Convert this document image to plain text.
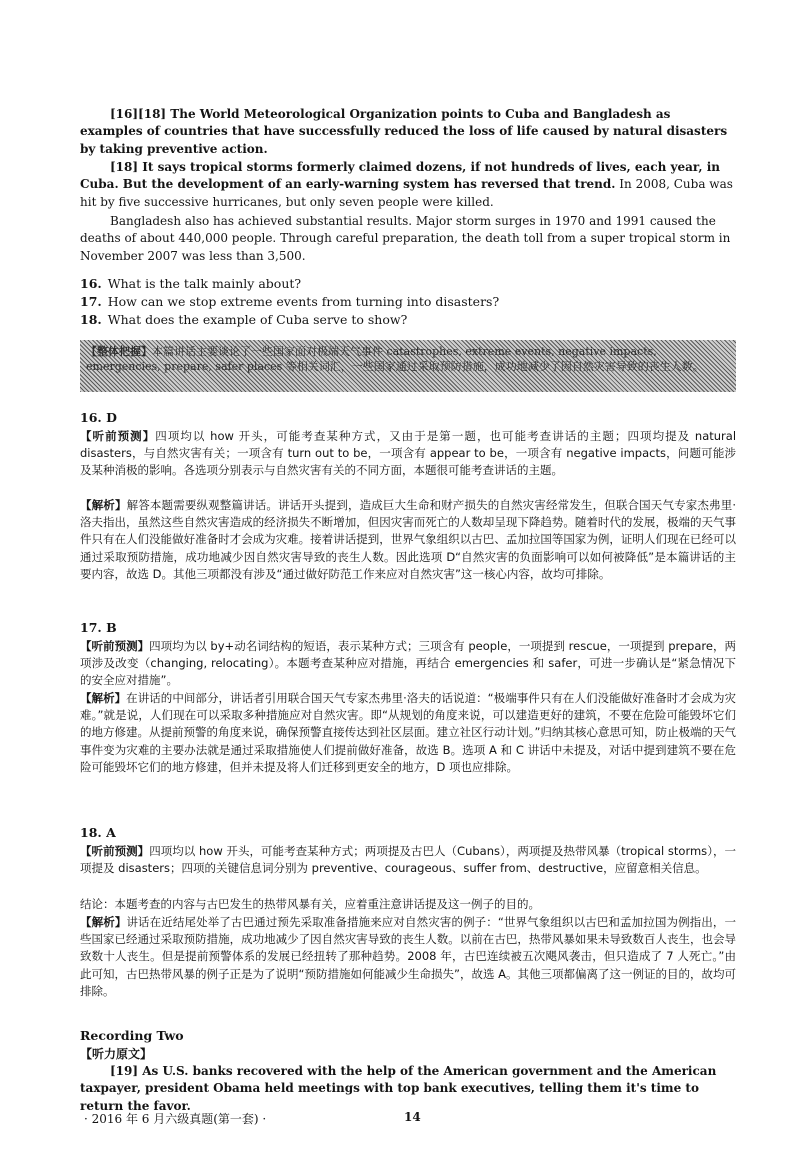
[16][18] The World Meteorological Organization points to Cuba and Bangladesh as examples of countries that have successfully reduced the loss of life caused by natural disasters by taking preventive action.

[18] It says tropical storms formerly claimed dozens, if not hundreds of lives, each year, in Cuba. But the development of an early-warning system has reversed that trend. In 2008, Cuba was hit by five successive hurricanes, but only seven people were killed.

Bangladesh also has achieved substantial results. Major storm surges in 1970 and 1991 caused the deaths of about 440,000 people. Through careful preparation, the death toll from a super tropical storm in November 2007 was less than 3,500.

16. What is the talk mainly about?

17. How can we stop extreme events from turning into disasters?

18. What does the example of Cuba serve to show?

【整体把握】本篇讲话主要谈论了一些国家面对极端天气事件 catastrophes, extreme events, negative impacts, emergencies, prepare, safer places 等相关词汇，一些国家通过采取预防措施，成功地减少了因自然灾害导致的丧生人数。

16. D

【听前预测】四项均以 how 开头，可能考查某种方式，又由于是第一题，也可能考查讲话的主题；四项均提及 natural disasters，与自然灾害有关；一项含有 turn out to be，一项含有 appear to be，一项含有 negative impacts，问题可能涉及某种消极的影响。各选项分别表示与自然灾害有关的不同方面，本题很可能考查讲话的主题。

【解析】解答本题需要纵观整篇讲话。讲话开头提到，造成巨大生命和财产损失的自然灾害经常发生，但联合国天气专家杰弗里·洛夫指出，虽然这些自然灾害造成的经济损失不断增加，但因灾害而死亡的人数却呈现下降趋势。随着时代的发展，极端的天气事件只有在人们没能做好准备时才会成为灾难。接着讲话提到，世界气象组织以古巴、孟加拉国等国家为例，证明人们现在已经可以通过采取预防措施，成功地减少因自然灾害导致的丧生人数。因此选项 D“自然灾害的负面影响可以如何被降低”是本篇讲话的主要内容，故选 D。其他三项都没有涉及“通过做好防范工作来应对自然灾害”这一核心内容，故均可排除。

17. B

【听前预测】四项均为以 by+动名词结构的短语，表示某种方式；三项含有 people，一项提到 rescue，一项提到 prepare，两项涉及改变（changing, relocating）。本题考查某种应对措施，再结合 emergencies 和 safer，可进一步确认是“紧急情况下的安全应对措施”。

【解析】在讲话的中间部分，讲话者引用联合国天气专家杰弗里·洛夫的话说道：“极端事件只有在人们没能做好准备时才会成为灾难。”就是说，人们现在可以采取多种措施应对自然灾害。即“从规划的角度来说，可以建造更好的建筑，不要在危险可能毁坏它们的地方修建。从提前预警的角度来说，确保预警直接传达到社区层面。建立社区行动计划。”归纳其核心意思可知，防止极端的天气事件变为灾难的主要办法就是通过采取措施使人们提前做好准备，故选 B。选项 A 和 C 讲话中未提及，对话中提到建筑不要在危险可能毁坏它们的地方修建，但并未提及将人们迁移到更安全的地方，D 项也应排除。

18. A

【听前预测】四项均以 how 开头，可能考查某种方式；两项提及古巴人（Cubans），两项提及热带风暴（tropical storms），一项提及 disasters；四项的关键信息词分别为 preventive、courageous、suffer from、destructive，应留意相关信息。

结论：本题考查的内容与古巴发生的热带风暴有关，应着重注意讲话提及这一例子的目的。

【解析】讲话在近结尾处举了古巴通过预先采取准备措施来应对自然灾害的例子：“世界气象组织以古巴和孟加拉国为例指出，一些国家已经通过采取预防措施，成功地减少了因自然灾害导致的丧生人数。以前在古巴，热带风暴如果未导致数百人丧生，也会导致数十人丧生。但是提前预警体系的发展已经扭转了那种趋势。2008 年，古巴连续被五次飓风袭击，但只造成了 7 人死亡。”由此可知，古巴热带风暴的例子正是为了说明“预防措施如何能减少生命损失”，故选 A。其他三项都偏离了这一例证的目的，故均可排除。

Recording Two

【听力原文】

[19] As U.S. banks recovered with the help of the American government and the American taxpayer, president Obama held meetings with top bank executives, telling them it's time to return the favor.

· 2016 年 6 月六级真题(第一套) ·	14
